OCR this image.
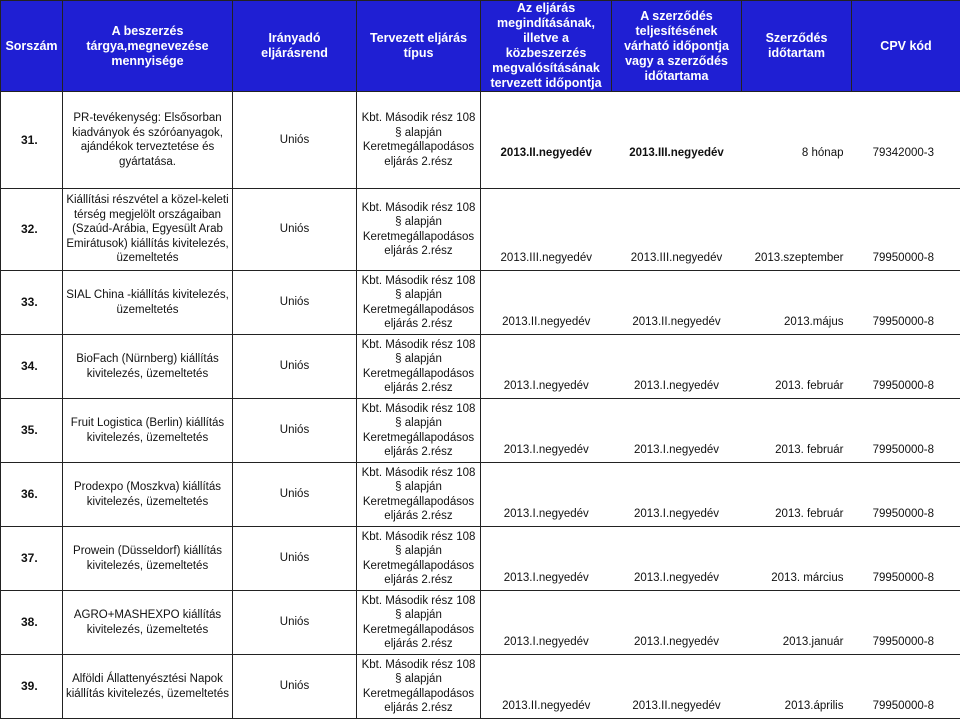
Sorszám	A beszerzés tárgya,megnevezése mennyisége	Irányadó eljárásrend	Tervezett eljárás típus	Az eljárás megindításának, illetve a közbeszerzés megvalósításának tervezett időpontja	A szerződés teljesítésének várható időpontja vagy a szerződés időtartama	Szerződés időtartam	CPV kód
31.	PR-tevékenység: Elsősorban kiadványok és szóróanyagok, ajándékok terveztetése és gyártatása.	Uniós	Kbt. Második rész 108 § alapján Keretmegállapodásos eljárás 2.rész	2013.II.negyedév	2013.III.negyedév	8 hónap	79342000-3
32.	Kiállítási részvétel a közel-keleti térség megjelölt országaiban (Szaúd-Arábia, Egyesült Arab Emirátusok) kiállítás kivitelezés, üzemeltetés	Uniós	Kbt. Második rész 108 § alapján Keretmegállapodásos eljárás 2.rész	2013.III.negyedév	2013.III.negyedév	2013.szeptember	79950000-8
33.	SIAL China -kiállítás kivitelezés, üzemeltetés	Uniós	Kbt. Második rész 108 § alapján Keretmegállapodásos eljárás 2.rész	2013.II.negyedév	2013.II.negyedév	2013.május	79950000-8
34.	BioFach (Nürnberg) kiállítás kivitelezés, üzemeltetés	Uniós	Kbt. Második rész 108 § alapján Keretmegállapodásos eljárás 2.rész	2013.I.negyedév	2013.I.negyedév	2013. február	79950000-8
35.	Fruit Logistica (Berlin) kiállítás kivitelezés, üzemeltetés	Uniós	Kbt. Második rész 108 § alapján Keretmegállapodásos eljárás 2.rész	2013.I.negyedév	2013.I.negyedév	2013. február	79950000-8
36.	Prodexpo (Moszkva) kiállítás kivitelezés, üzemeltetés	Uniós	Kbt. Második rész 108 § alapján Keretmegállapodásos eljárás 2.rész	2013.I.negyedév	2013.I.negyedév	2013. február	79950000-8
37.	Prowein (Düsseldorf) kiállítás kivitelezés, üzemeltetés	Uniós	Kbt. Második rész 108 § alapján Keretmegállapodásos eljárás 2.rész	2013.I.negyedév	2013.I.negyedév	2013. március	79950000-8
38.	AGRO+MASHEXPO kiállítás kivitelezés, üzemeltetés	Uniós	Kbt. Második rész 108 § alapján Keretmegállapodásos eljárás 2.rész	2013.I.negyedév	2013.I.negyedév	2013.január	79950000-8
39.	Alföldi Állattenyésztési Napok kiállítás kivitelezés, üzemeltetés	Uniós	Kbt. Második rész 108 § alapján Keretmegállapodásos eljárás 2.rész	2013.II.negyedév	2013.II.negyedév	2013.április	79950000-8
